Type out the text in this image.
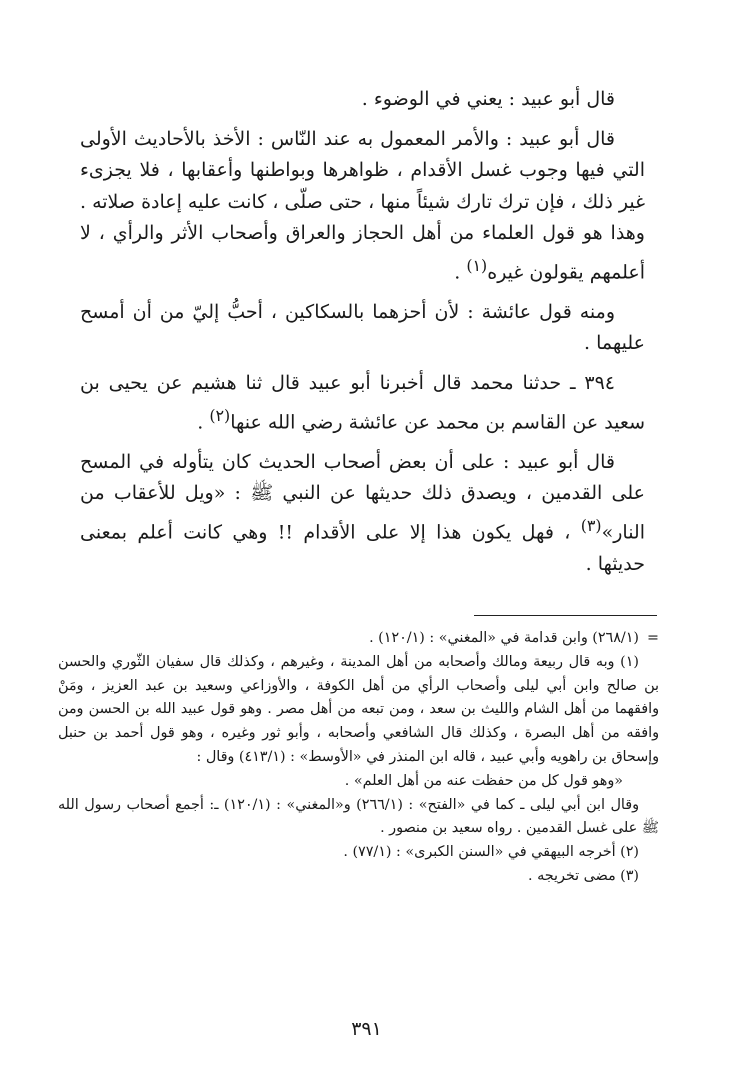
قال أبو عبيد : يعني في الوضوء .

قال أبو عبيد : والأمر المعمول به عند النّاس : الأخذ بالأحاديث الأولى التي فيها وجوب غسل الأقدام ، ظواهرها وبواطنها وأعقابها ، فلا يجزىء غير ذلك ، فإن ترك تارك شيئاً منها ، حتى صلّى ، كانت عليه إعادة صلاته . وهذا هو قول العلماء من أهل الحجاز والعراق وأصحاب الأثر والرأي ، لا أعلمهم يقولون غيره$^{(١)}$ .

ومنه قول عائشة : لأن أحزهما بالسكاكين ، أحبُّ إليّ من أن أمسح عليهما .

٣٩٤ ـ حدثنا محمد قال أخبرنا أبو عبيد قال ثنا هشيم عن يحيى بن سعيد عن القاسم بن محمد عن عائشة رضي الله عنها$^{(٢)}$ .

قال أبو عبيد : على أن بعض أصحاب الحديث كان يتأوله في المسح على القدمين ، ويصدق ذلك حديثها عن النبي ﷺ : «ويل للأعقاب من النار»$^{(٣)}$ ، فهل يكون هذا إلا على الأقدام !! وهي كانت أعلم بمعنى حديثها .

=
(٢٦٨/١) وابن قدامة في «المغني» : (١٢٠/١) .

(١) وبه قال ربيعة ومالك وأصحابه من أهل المدينة ، وغيرهم ، وكذلك قال سفيان الثّوري والحسن بن صالح وابن أبي ليلى وأصحاب الرأي من أهل الكوفة ، والأوزاعي وسعيد بن عبد العزيز ، ومَنْ وافقهما من أهل الشام والليث بن سعد ، ومن تبعه من أهل مصر . وهو قول عبيد الله بن الحسن ومن وافقه من أهل البصرة ، وكذلك قال الشافعي وأصحابه ، وأبو ثور وغيره ، وهو قول أحمد بن حنبل وإسحاق بن راهويه وأبي عبيد ، قاله ابن المنذر في «الأوسط» : (٤١٣/١) وقال :

«وهو قول كل من حفظت عنه من أهل العلم» .

وقال ابن أبي ليلى ـ كما في «الفتح» : (٢٦٦/١) و«المغني» : (١٢٠/١) ـ: أجمع أصحاب رسول الله ﷺ على غسل القدمين . رواه سعيد بن منصور .

(٢) أخرجه البيهقي في «السنن الكبرى» : (٧٧/١) .

(٣) مضى تخريجه .

٣٩١
